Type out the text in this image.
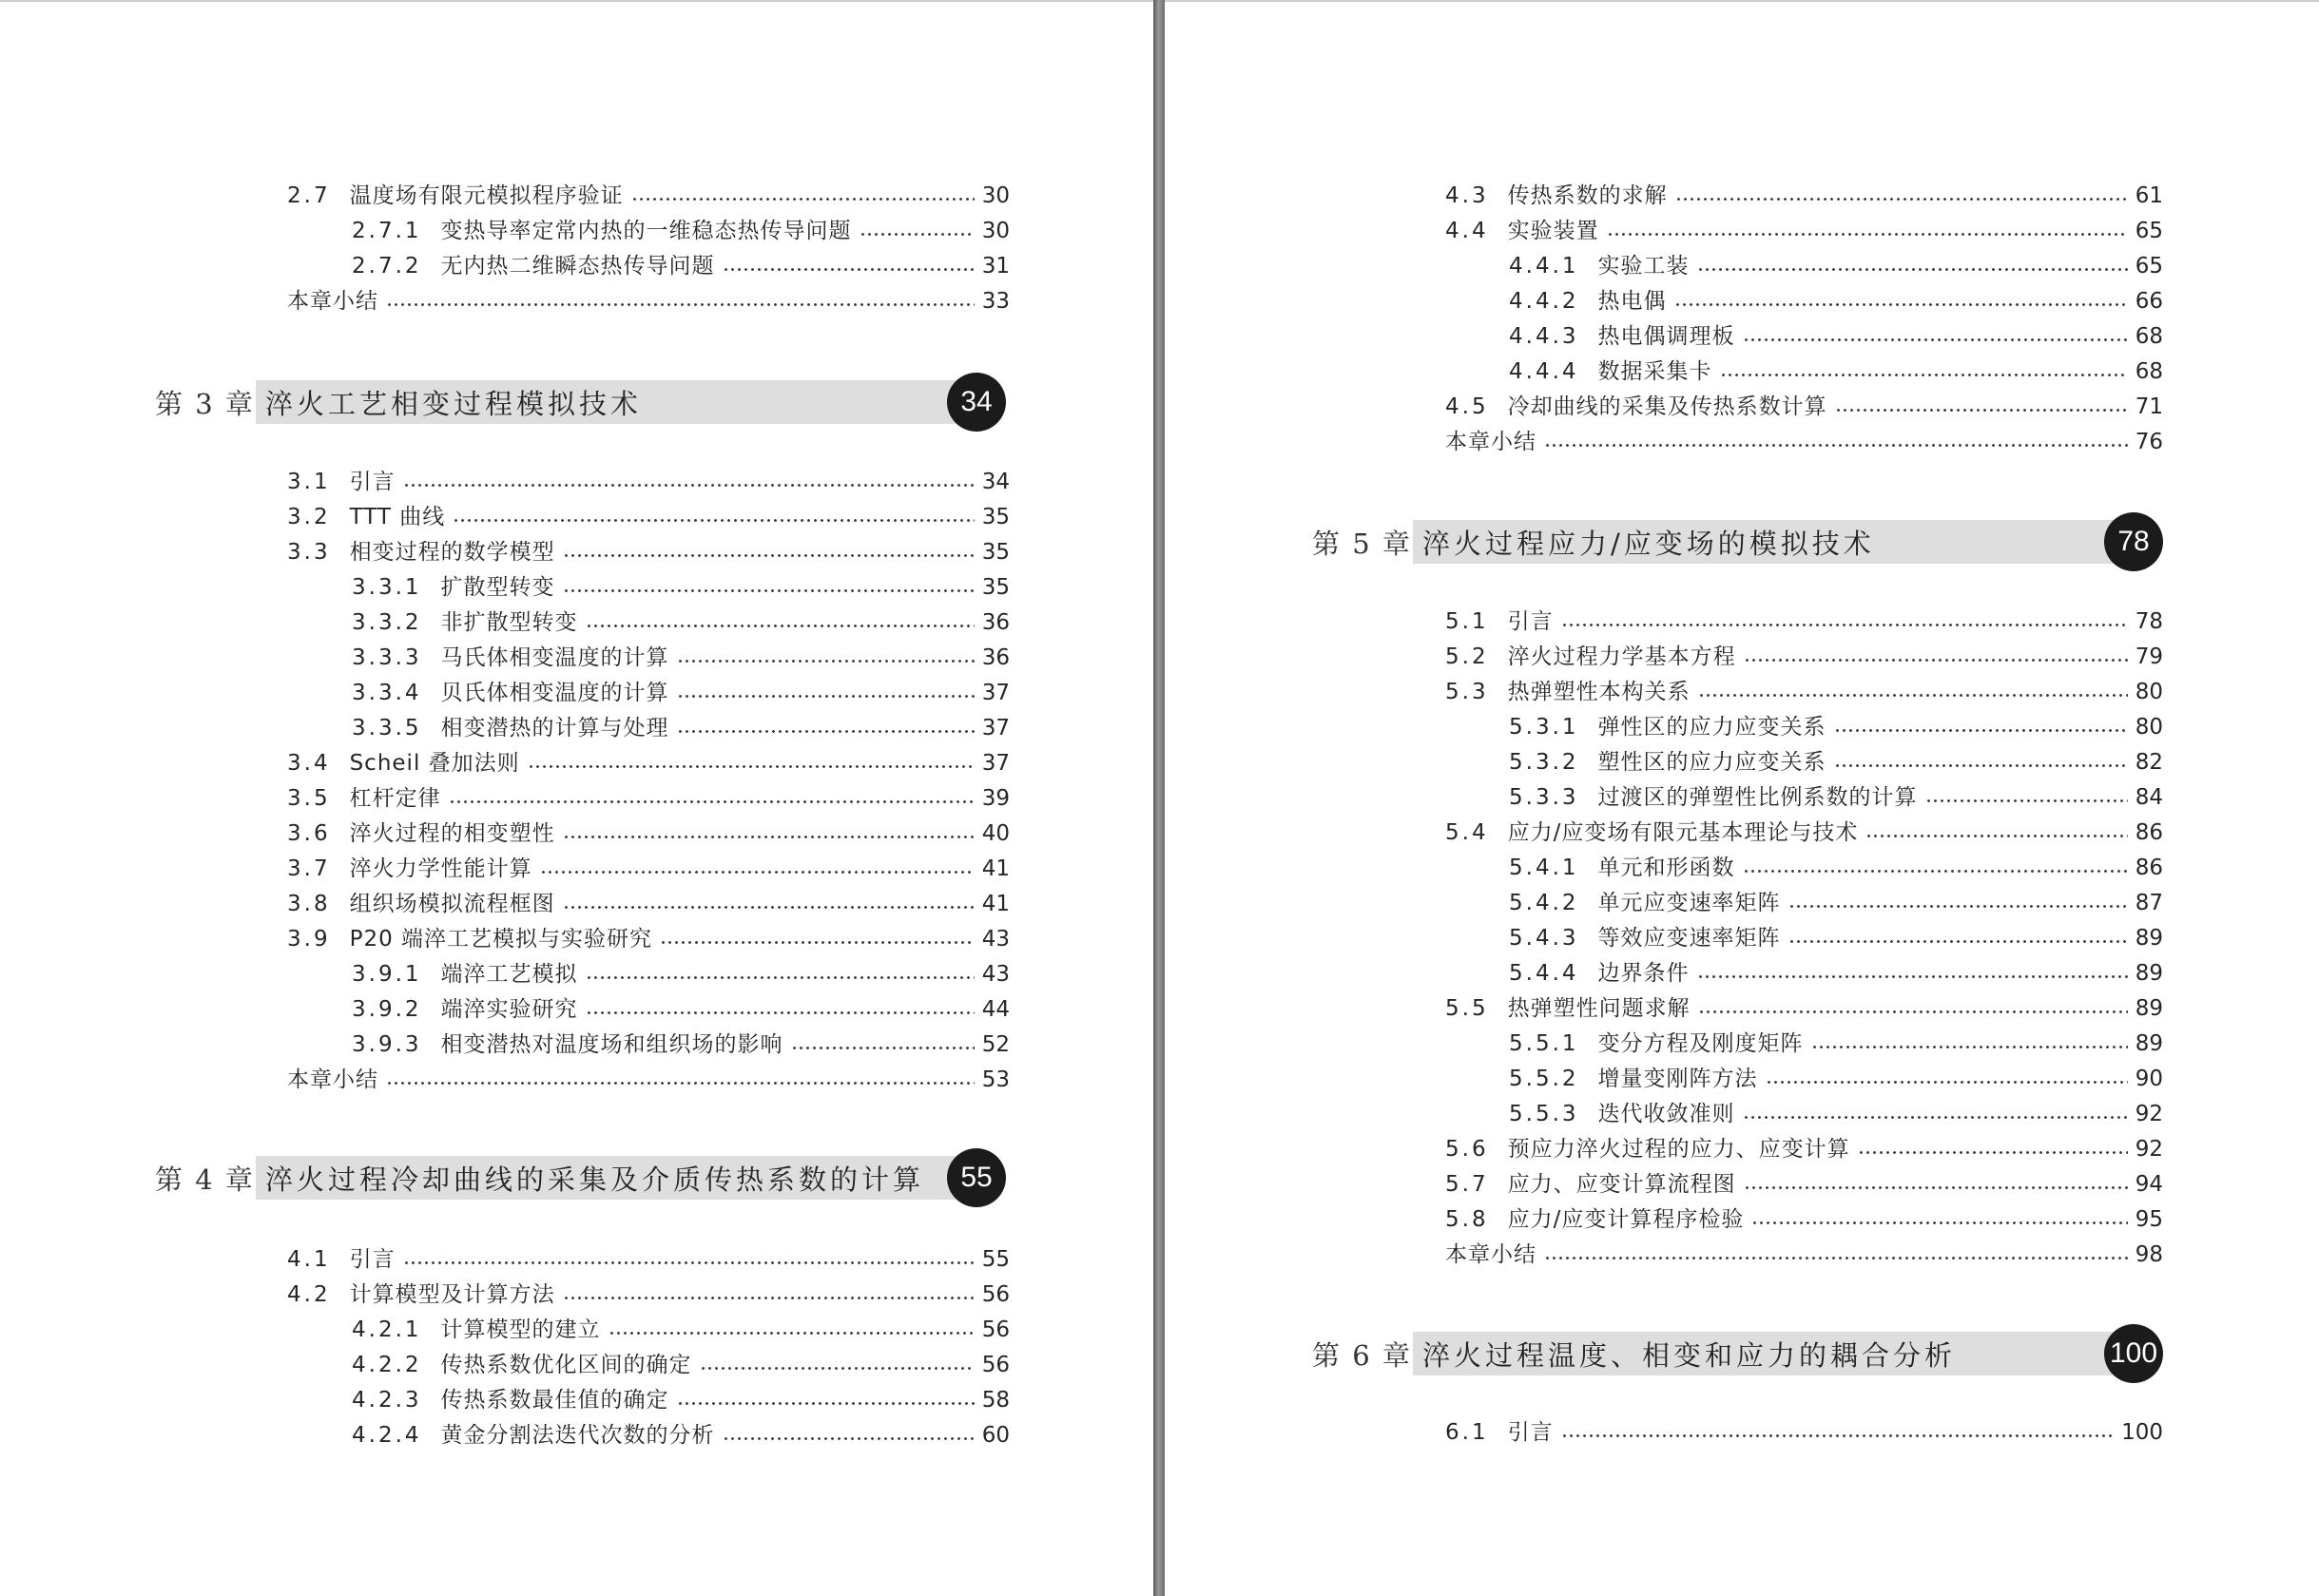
2.7 温度场有限元模拟程序验证	30
2.7.1 变热导率定常内热的一维稳态热传导问题	30
2.7.2 无内热二维瞬态热传导问题	31
本章小结	33
3.1 引言	34
3.2 TTT 曲线	35
3.3 相变过程的数学模型	35
3.3.1 扩散型转变	35
3.3.2 非扩散型转变	36
3.3.3 马氏体相变温度的计算	36
3.3.4 贝氏体相变温度的计算	37
3.3.5 相变潜热的计算与处理	37
3.4 Scheil 叠加法则	37
3.5 杠杆定律	39
3.6 淬火过程的相变塑性	40
3.7 淬火力学性能计算	41
3.8 组织场模拟流程框图	41
3.9 P20 端淬工艺模拟与实验研究	43
3.9.1 端淬工艺模拟	43
3.9.2 端淬实验研究	44
3.9.3 相变潜热对温度场和组织场的影响	52
本章小结	53
4.1 引言	55
4.2 计算模型及计算方法	56
4.2.1 计算模型的建立	56
4.2.2 传热系数优化区间的确定	56
4.2.3 传热系数最佳值的确定	58
4.2.4 黄金分割法迭代次数的分析	60
第 3 章 淬火工艺相变过程模拟技术	34
第 4 章 淬火过程冷却曲线的采集及介质传热系数的计算	55
4.3 传热系数的求解	61
4.4 实验装置	65
4.4.1 实验工装	65
4.4.2 热电偶	66
4.4.3 热电偶调理板	68
4.4.4 数据采集卡	68
4.5 冷却曲线的采集及传热系数计算	71
本章小结	76
5.1 引言	78
5.2 淬火过程力学基本方程	79
5.3 热弹塑性本构关系	80
5.3.1 弹性区的应力应变关系	80
5.3.2 塑性区的应力应变关系	82
5.3.3 过渡区的弹塑性比例系数的计算	84
5.4 应力/应变场有限元基本理论与技术	86
5.4.1 单元和形函数	86
5.4.2 单元应变速率矩阵	87
5.4.3 等效应变速率矩阵	89
5.4.4 边界条件	89
5.5 热弹塑性问题求解	89
5.5.1 变分方程及刚度矩阵	89
5.5.2 增量变刚阵方法	90
5.5.3 迭代收敛准则	92
5.6 预应力淬火过程的应力、应变计算	92
5.7 应力、应变计算流程图	94
5.8 应力/应变计算程序检验	95
本章小结	98
6.1 引言	100
第 5 章 淬火过程应力/应变场的模拟技术	78
第 6 章 淬火过程温度、相变和应力的耦合分析	100
